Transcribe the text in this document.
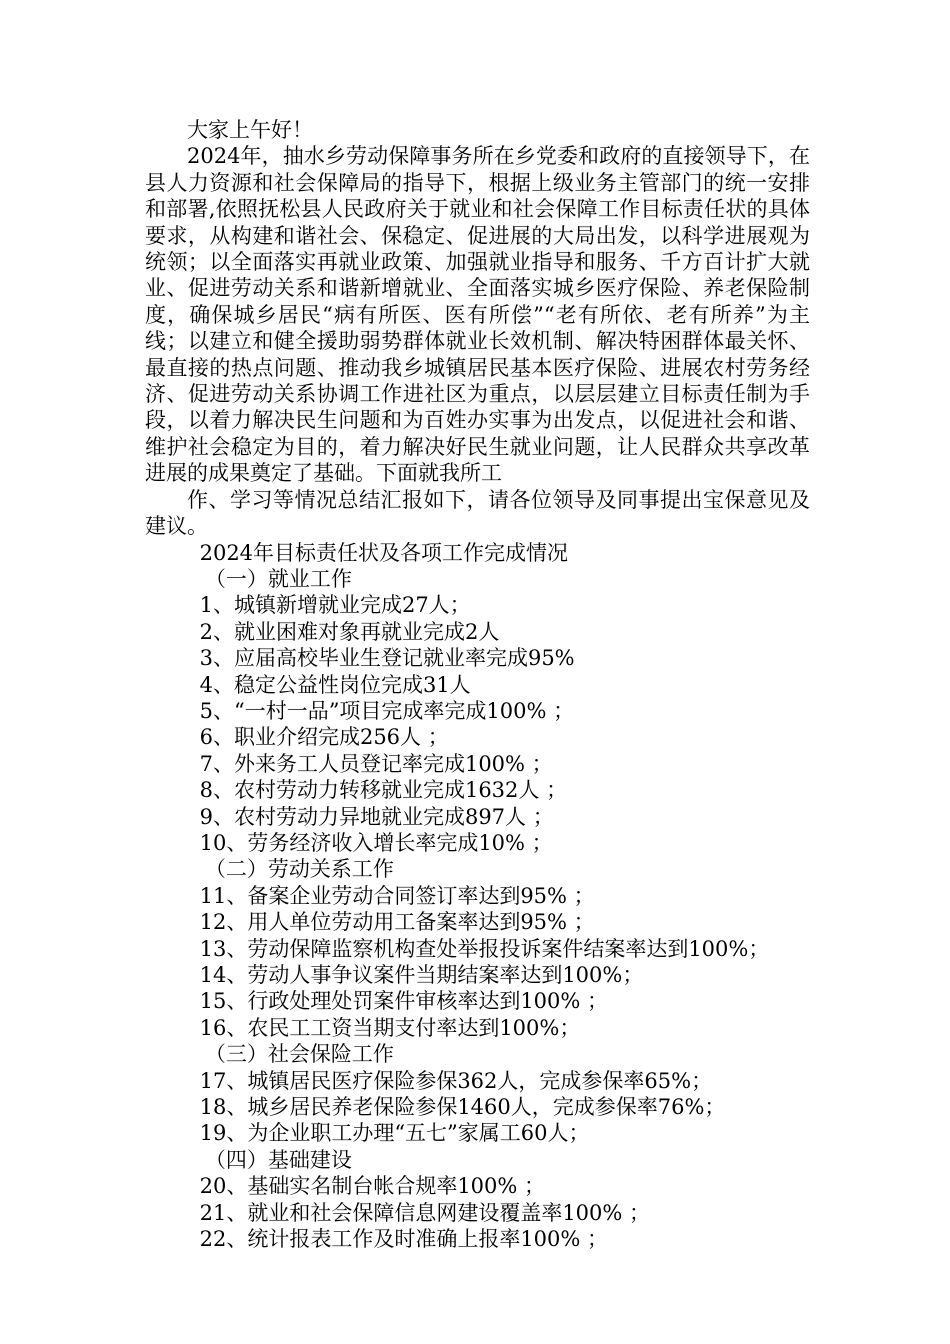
大家上午好！

2024年，抽水乡劳动保障事务所在乡党委和政府的直接领导下，在县人力资源和社会保障局的指导下，根据上级业务主管部门的统一安排和部署,依照抚松县人民政府关于就业和社会保障工作目标责任状的具体要求，从构建和谐社会、保稳定、促进展的大局出发，以科学进展观为统领；以全面落实再就业政策、加强就业指导和服务、千方百计扩大就业、促进劳动关系和谐新增就业、全面落实城乡医疗保险、养老保险制度，确保城乡居民“病有所医、医有所偿”“老有所依、老有所养”为主线；以建立和健全援助弱势群体就业长效机制、解决特困群体最关怀、最直接的热点问题、推动我乡城镇居民基本医疗保险、进展农村劳务经济、促进劳动关系协调工作进社区为重点，以层层建立目标责任制为手段，以着力解决民生问题和为百姓办实事为出发点，以促进社会和谐、维护社会稳定为目的，着力解决好民生就业问题，让人民群众共享改革进展的成果奠定了基础。下面就我所工

作、学习等情况总结汇报如下，请各位领导及同事提出宝保意见及建议。

2024年目标责任状及各项工作完成情况
（一）就业工作
1、城镇新增就业完成27人；
2、就业困难对象再就业完成2人
3、应届高校毕业生登记就业率完成95%
4、稳定公益性岗位完成31人
5、“一村一品”项目完成率完成100% ；
6、职业介绍完成256人 ；
7、外来务工人员登记率完成100% ；
8、农村劳动力转移就业完成1632人 ；
9、农村劳动力异地就业完成897人 ；
10、劳务经济收入增长率完成10% ；
（二）劳动关系工作
11、备案企业劳动合同签订率达到95% ；
12、用人单位劳动用工备案率达到95% ；
13、劳动保障监察机构查处举报投诉案件结案率达到100%；
14、劳动人事争议案件当期结案率达到100%；
15、行政处理处罚案件审核率达到100% ；
16、农民工工资当期支付率达到100%；
（三）社会保险工作
17、城镇居民医疗保险参保362人，完成参保率65%；
18、城乡居民养老保险参保1460人，完成参保率76%；
19、为企业职工办理“五七”家属工60人；
（四）基础建设
20、基础实名制台帐合规率100% ；
21、就业和社会保障信息网建设覆盖率100% ；
22、统计报表工作及时准确上报率100% ；
